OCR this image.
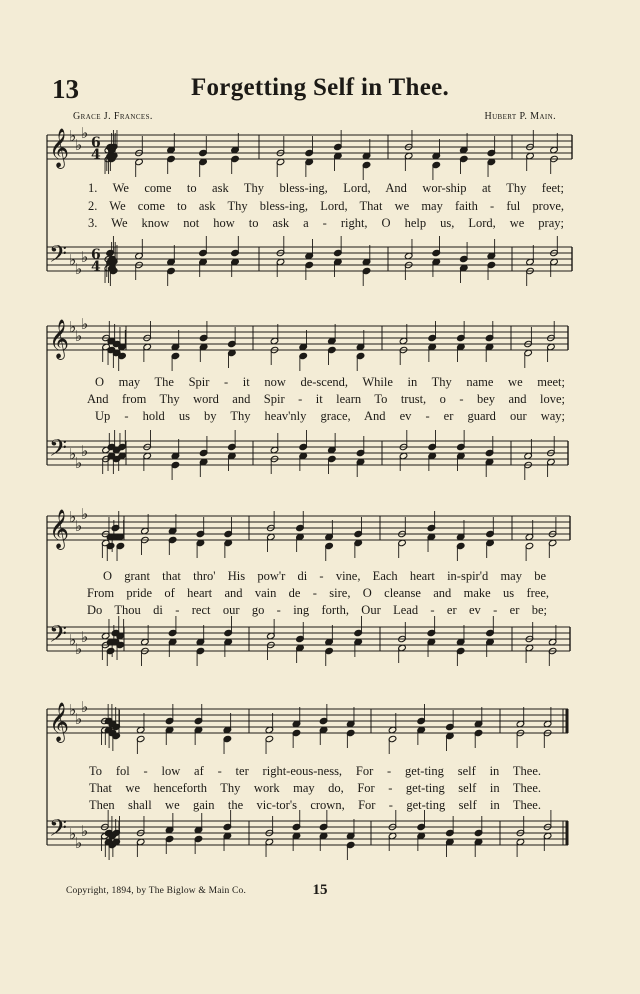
13	Forgetting Self in Thee.
Grace J. Frances.	Hubert P. Main.
𝄞 ♭
♭
♭
6
4
𝄢 ♭
♭
♭ 6
4
𝄞 ♭
♭
♭
𝄢 ♭
♭
♭
𝄞 ♭
♭
♭
𝄢 ♭
♭
♭
𝄞 ♭
♭
♭
𝄢 ♭
♭
♭
1. We come to ask Thy bless-ing, Lord, And wor-ship at Thy feet;
2. We come to ask Thy bless-ing, Lord, That we may faith - ful prove,
3. We know not how to ask a - right, O help us, Lord, we pray;
O may The Spir - it now de-scend, While in Thy name we meet;
And from Thy word and Spir - it learn To trust, o - bey and love;
Up - hold us by Thy heav'nly grace, And ev - er guard our way;
O grant that thro' His pow'r di - vine, Each heart in-spir'd may be
From pride of heart and vain de - sire, O cleanse and make us free,
Do Thou di - rect our go - ing forth, Our Lead - er ev - er be;
To fol - low af - ter right-eous-ness, For - get-ting self in Thee.
That we henceforth Thy work may do, For - get-ting self in Thee.
Then shall we gain the vic-tor's crown, For - get-ting self in Thee.
Copyright, 1894, by The Biglow & Main Co.	15
